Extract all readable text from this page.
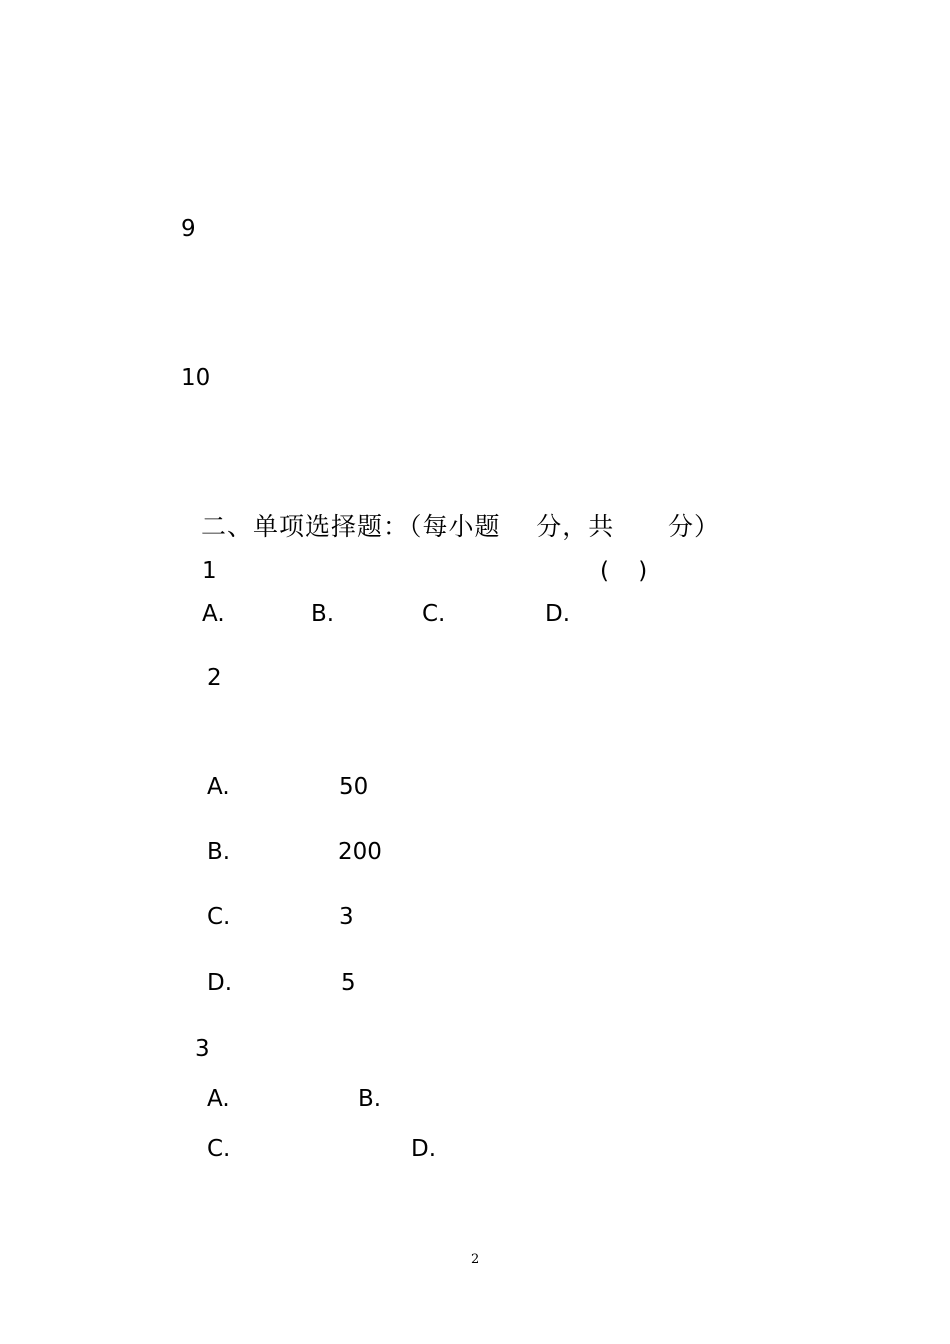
9
10
二、单项选择题：（每小题    分，共      分）
1	(    )
A.	B.	C.	D.
2
A.	50
B.	200
C.	3
D.	5
3
A.	B.
C.	D.
2
